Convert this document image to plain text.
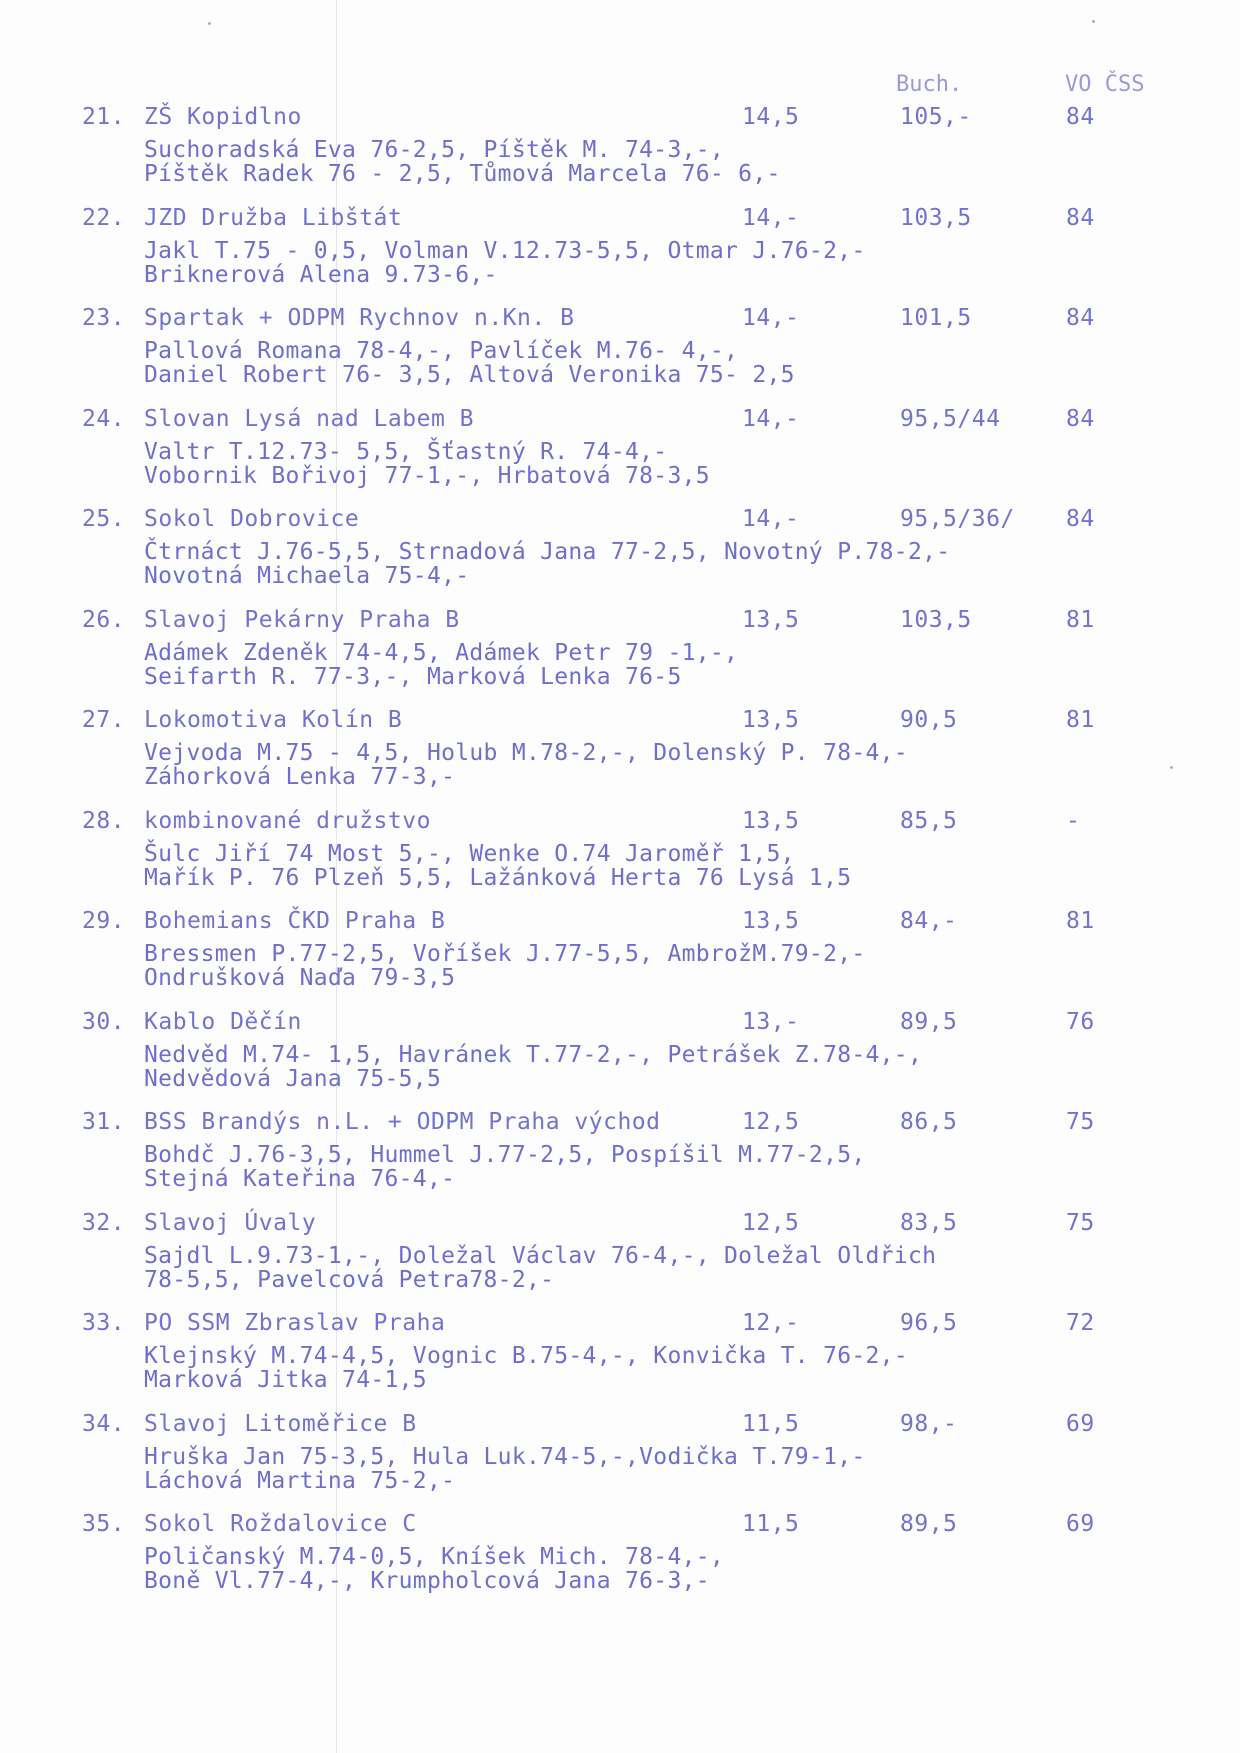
Buch.	VO ČSS
21. ZŠ Kopidlno	14,5	105,-	84
Suchoradská Eva 76-2,5, Píštěk M. 74-3,-,
Píštěk Radek 76 - 2,5, Tůmová Marcela 76- 6,-
22. JZD Družba Libštát	14,-	103,5	84
Jakl T.75 - 0,5, Volman V.12.73-5,5, Otmar J.76-2,-
Briknerová Alena 9.73-6,-
23. Spartak + ODPM Rychnov n.Kn. B	14,-	101,5	84
Pallová Romana 78-4,-, Pavlíček M.76- 4,-,
Daniel Robert 76- 3,5, Altová Veronika 75- 2,5
24. Slovan Lysá nad Labem B	14,-	95,5/44	84
Valtr T.12.73- 5,5, Šťastný R. 74-4,-
Vobornik Bořivoj 77-1,-, Hrbatová 78-3,5
25. Sokol Dobrovice	14,-	95,5/36/ 84
Čtrnáct J.76-5,5, Strnadová Jana 77-2,5, Novotný P.78-2,-
Novotná Michaela 75-4,-
26. Slavoj Pekárny Praha B	13,5	103,5	81
Adámek Zdeněk 74-4,5, Adámek Petr 79 -1,-,
Seifarth R. 77-3,-, Marková Lenka 76-5
27. Lokomotiva Kolín B	13,5	90,5	81
Vejvoda M.75 - 4,5, Holub M.78-2,-, Dolenský P. 78-4,-
Záhorková Lenka 77-3,-
28. kombinované družstvo	13,5	85,5	-
Šulc Jiří 74 Most 5,-, Wenke O.74 Jaroměř 1,5,
Mařík P. 76 Plzeň 5,5, Lažánková Herta 76 Lysá 1,5
29. Bohemians ČKD Praha B	13,5	84,-	81
Bressmen P.77-2,5, Voříšek J.77-5,5, AmbrožM.79-2,-
Ondrušková Naďa 79-3,5
30. Kablo Děčín	13,-	89,5	76
Nedvěd M.74- 1,5, Havránek T.77-2,-, Petrášek Z.78-4,-,
Nedvědová Jana 75-5,5
31. BSS Brandýs n.L. + ODPM Praha východ	12,5	86,5	75
Bohdč J.76-3,5, Hummel J.77-2,5, Pospíšil M.77-2,5,
Stejná Kateřina 76-4,-
32. Slavoj Úvaly	12,5	83,5	75
Sajdl L.9.73-1,-, Doležal Václav 76-4,-, Doležal Oldřich
78-5,5, Pavelcová Petra78-2,-
33. PO SSM Zbraslav Praha	12,-	96,5	72
Klejnský M.74-4,5, Vognic B.75-4,-, Konvička T. 76-2,-
Marková Jitka 74-1,5
34. Slavoj Litoměřice B	11,5	98,-	69
Hruška Jan 75-3,5, Hula Luk.74-5,-,Vodička T.79-1,-
Láchová Martina 75-2,-
35. Sokol Roždalovice C	11,5	89,5	69
Poličanský M.74-0,5, Kníšek Mich. 78-4,-,
Boně Vl.77-4,-, Krumpholcová Jana 76-3,-
